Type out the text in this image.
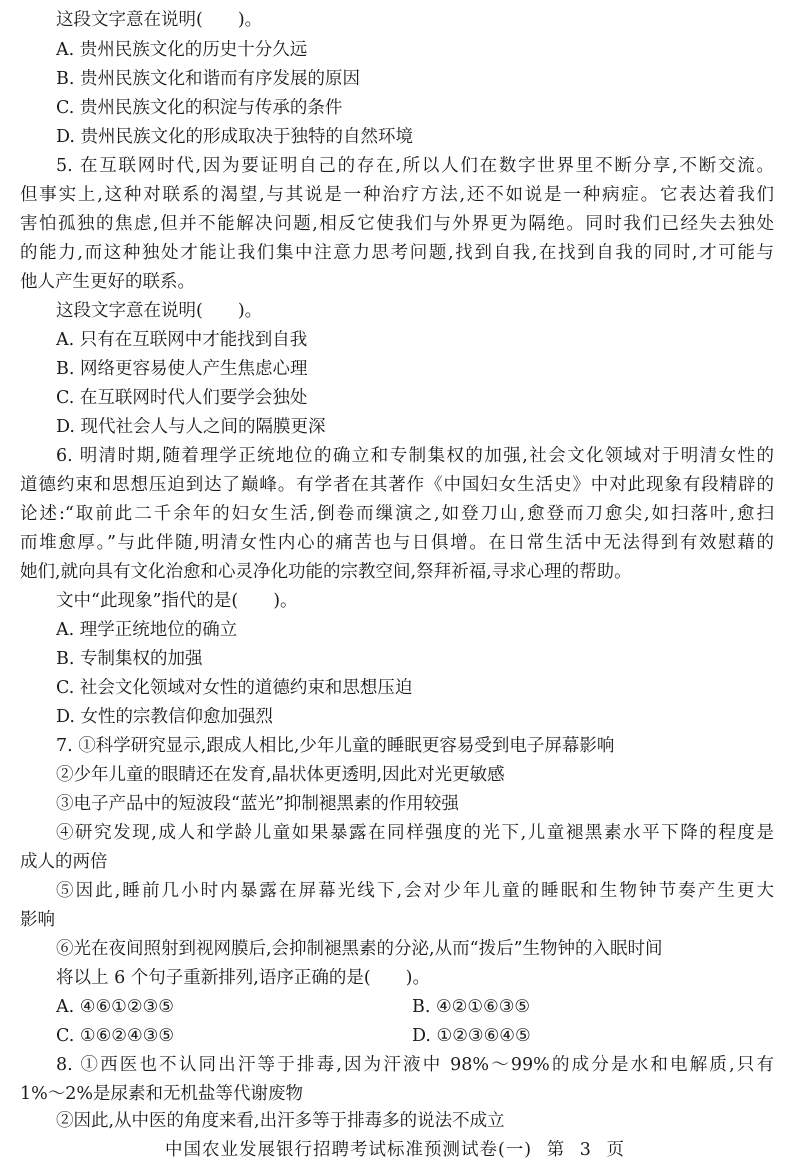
这段文字意在说明(　　)。
A. 贵州民族文化的历史十分久远
B. 贵州民族文化和谐而有序发展的原因
C. 贵州民族文化的积淀与传承的条件
D. 贵州民族文化的形成取决于独特的自然环境
5. 在互联网时代,因为要证明自己的存在,所以人们在数字世界里不断分享,不断交流。
但事实上,这种对联系的渴望,与其说是一种治疗方法,还不如说是一种病症。它表达着我们
害怕孤独的焦虑,但并不能解决问题,相反它使我们与外界更为隔绝。同时我们已经失去独处
的能力,而这种独处才能让我们集中注意力思考问题,找到自我,在找到自我的同时,才可能与
他人产生更好的联系。
这段文字意在说明(　　)。
A. 只有在互联网中才能找到自我
B. 网络更容易使人产生焦虑心理
C. 在互联网时代人们要学会独处
D. 现代社会人与人之间的隔膜更深
6. 明清时期,随着理学正统地位的确立和专制集权的加强,社会文化领域对于明清女性的
道德约束和思想压迫到达了巅峰。有学者在其著作《中国妇女生活史》中对此现象有段精辟的
论述:“取前此二千余年的妇女生活,倒卷而缫演之,如登刀山,愈登而刀愈尖,如扫落叶,愈扫
而堆愈厚。”与此伴随,明清女性内心的痛苦也与日俱增。在日常生活中无法得到有效慰藉的
她们,就向具有文化治愈和心灵净化功能的宗教空间,祭拜祈福,寻求心理的帮助。
文中“此现象”指代的是(　　)。
A. 理学正统地位的确立
B. 专制集权的加强
C. 社会文化领域对女性的道德约束和思想压迫
D. 女性的宗教信仰愈加强烈
7. ①科学研究显示,跟成人相比,少年儿童的睡眠更容易受到电子屏幕影响
②少年儿童的眼睛还在发育,晶状体更透明,因此对光更敏感
③电子产品中的短波段“蓝光”抑制褪黑素的作用较强
④研究发现,成人和学龄儿童如果暴露在同样强度的光下,儿童褪黑素水平下降的程度是
成人的两倍
⑤因此,睡前几小时内暴露在屏幕光线下,会对少年儿童的睡眠和生物钟节奏产生更大
影响
⑥光在夜间照射到视网膜后,会抑制褪黑素的分泌,从而“拨后”生物钟的入眠时间
将以上 6 个句子重新排列,语序正确的是(　　)。
A. ④⑥①②③⑤	B. ④②①⑥③⑤
C. ①⑥②④③⑤	D. ①②③⑥④⑤
8. ①西医也不认同出汗等于排毒,因为汗液中 98%～99%的成分是水和电解质,只有
1%～2%是尿素和无机盐等代谢废物
中国农业发展银行招聘考试标准预测试卷(一) 第 3 页
②因此,从中医的角度来看,出汗多等于排毒多的说法不成立
